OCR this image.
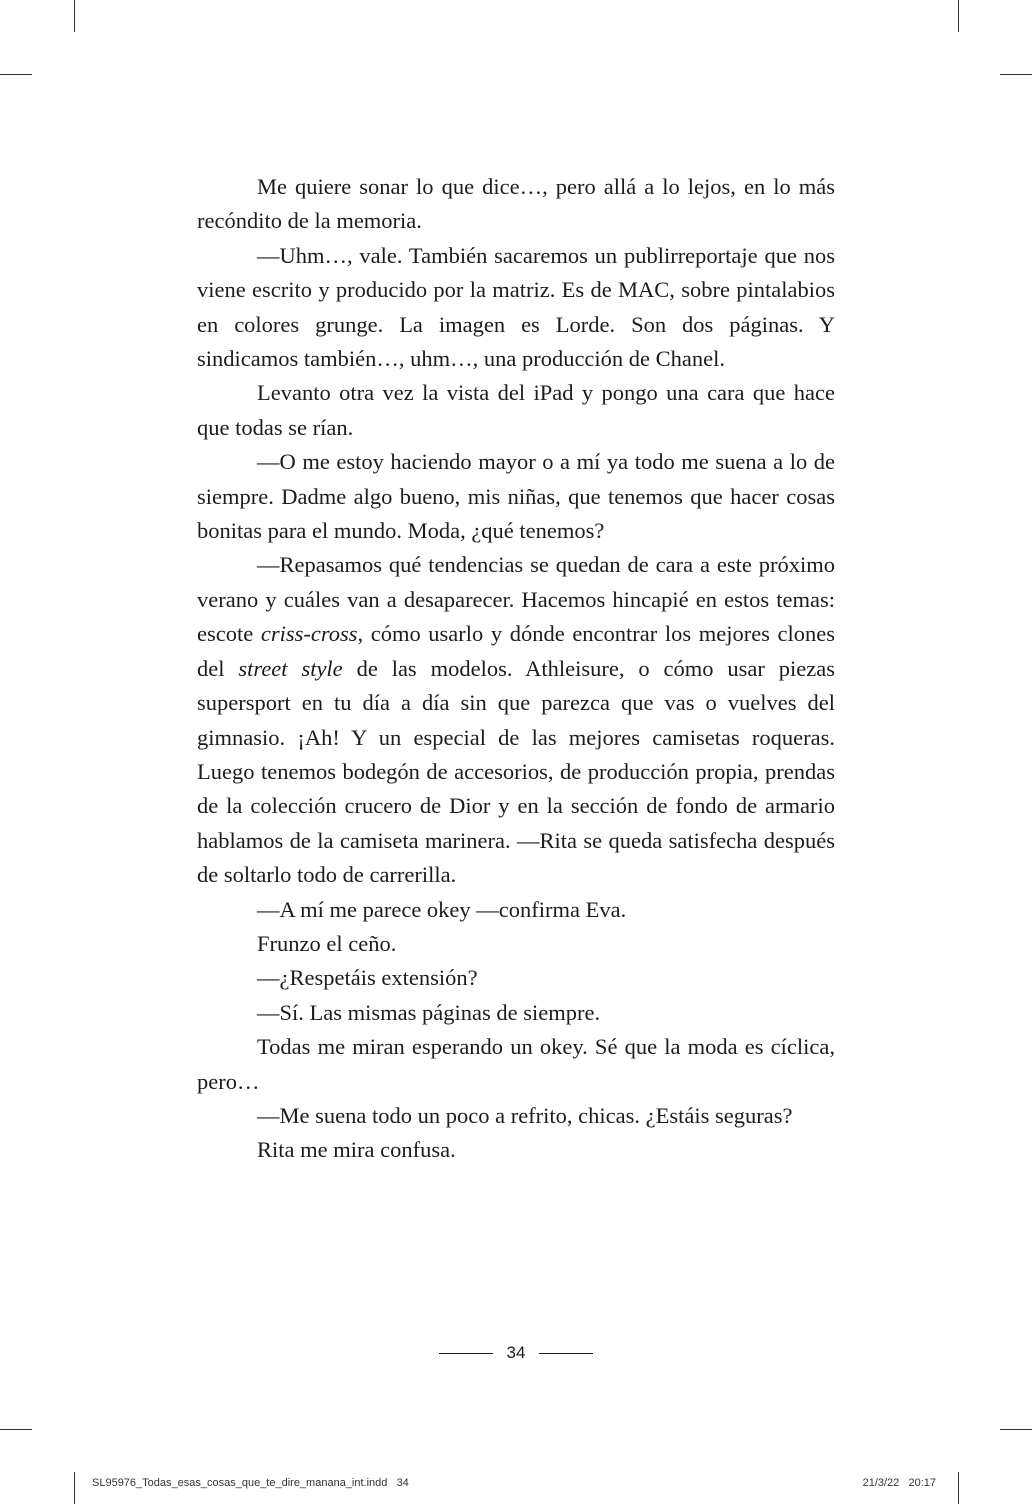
Me quiere sonar lo que dice…, pero allá a lo lejos, en lo más recóndito de la memoria.

—Uhm…, vale. También sacaremos un publirreportaje que nos viene escrito y producido por la matriz. Es de MAC, sobre pintalabios en colores grunge. La imagen es Lorde. Son dos páginas. Y sindicamos también…, uhm…, una producción de Chanel.

Levanto otra vez la vista del iPad y pongo una cara que hace que todas se rían.

—O me estoy haciendo mayor o a mí ya todo me suena a lo de siempre. Dadme algo bueno, mis niñas, que tenemos que hacer cosas bonitas para el mundo. Moda, ¿qué tenemos?

—Repasamos qué tendencias se quedan de cara a este próximo verano y cuáles van a desaparecer. Hacemos hincapié en estos temas: escote criss-cross, cómo usarlo y dónde encontrar los mejores clones del street style de las modelos. Athleisure, o cómo usar piezas supersport en tu día a día sin que parezca que vas o vuelves del gimnasio. ¡Ah! Y un especial de las mejores camisetas roqueras. Luego tenemos bodegón de accesorios, de producción propia, prendas de la colección crucero de Dior y en la sección de fondo de armario hablamos de la camiseta marinera. —Rita se queda satisfecha después de soltarlo todo de carrerilla.

—A mí me parece okey —confirma Eva.

Frunzo el ceño.

—¿Respetáis extensión?

—Sí. Las mismas páginas de siempre.

Todas me miran esperando un okey. Sé que la moda es cíclica, pero…

—Me suena todo un poco a refrito, chicas. ¿Estáis seguras?

Rita me mira confusa.

34
SL95976_Todas_esas_cosas_que_te_dire_manana_int.indd   34	21/3/22   20:17
